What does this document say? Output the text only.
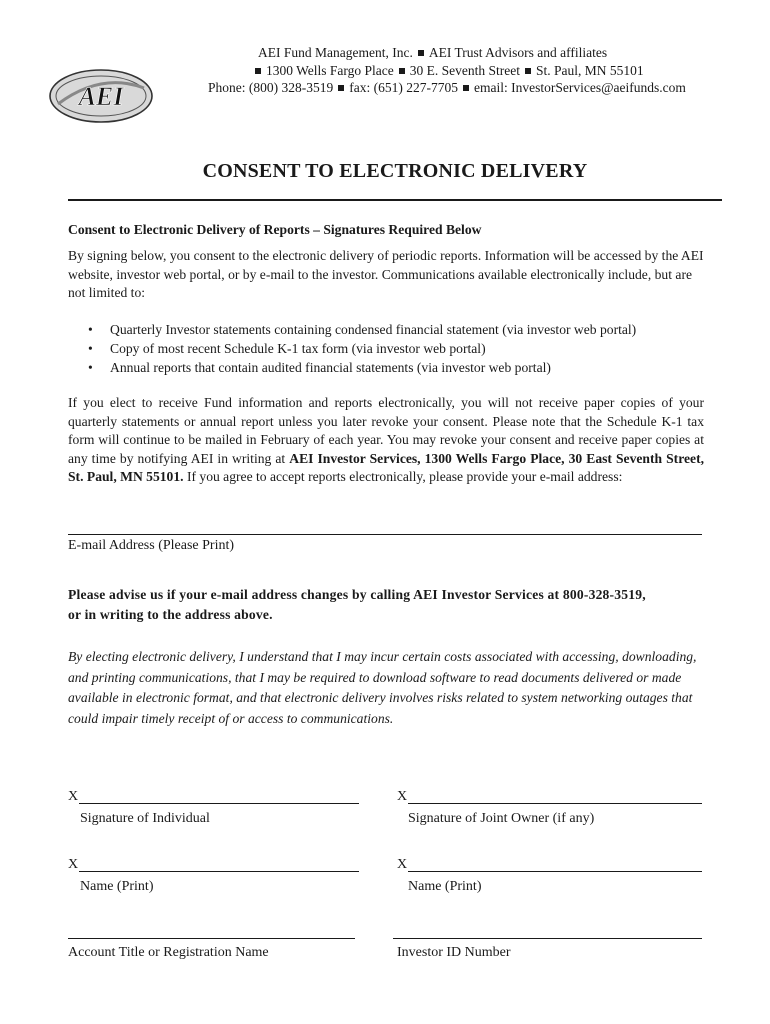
AEI
AEI Fund Management, Inc. AEI Trust Advisors and affiliates
1300 Wells Fargo Place 30 E. Seventh Street St. Paul, MN 55101
Phone: (800) 328-3519 fax: (651) 227-7705 email: InvestorServices@aeifunds.com
CONSENT TO ELECTRONIC DELIVERY
Consent to Electronic Delivery of Reports – Signatures Required Below
By signing below, you consent to the electronic delivery of periodic reports. Information will be accessed by the AEI website, investor web portal, or by e-mail to the investor. Communications available electronically include, but are not limited to:
• Quarterly Investor statements containing condensed financial statement (via investor web portal)
• Copy of most recent Schedule K-1 tax form (via investor web portal)
• Annual reports that contain audited financial statements (via investor web portal)
If you elect to receive Fund information and reports electronically, you will not receive paper copies of your quarterly statements or annual report unless you later revoke your consent. Please note that the Schedule K-1 tax form will continue to be mailed in February of each year. You may revoke your consent and receive paper copies at any time by notifying AEI in writing at AEI Investor Services, 1300 Wells Fargo Place, 30 East Seventh Street, St. Paul, MN 55101. If you agree to accept reports electronically, please provide your e-mail address:
E-mail Address (Please Print)
Please advise us if your e-mail address changes by calling AEI Investor Services at 800-328-3519, or in writing to the address above.
By electing electronic delivery, I understand that I may incur certain costs associated with accessing, downloading, and printing communications, that I may be required to download software to read documents delivered or made available in electronic format, and that electronic delivery involves risks related to system networking outages that could impair timely receipt of or access to communications.
X
Signature of Individual
X
Signature of Joint Owner (if any)
X
Name (Print)
X
Name (Print)
Account Title or Registration Name	Investor ID Number
